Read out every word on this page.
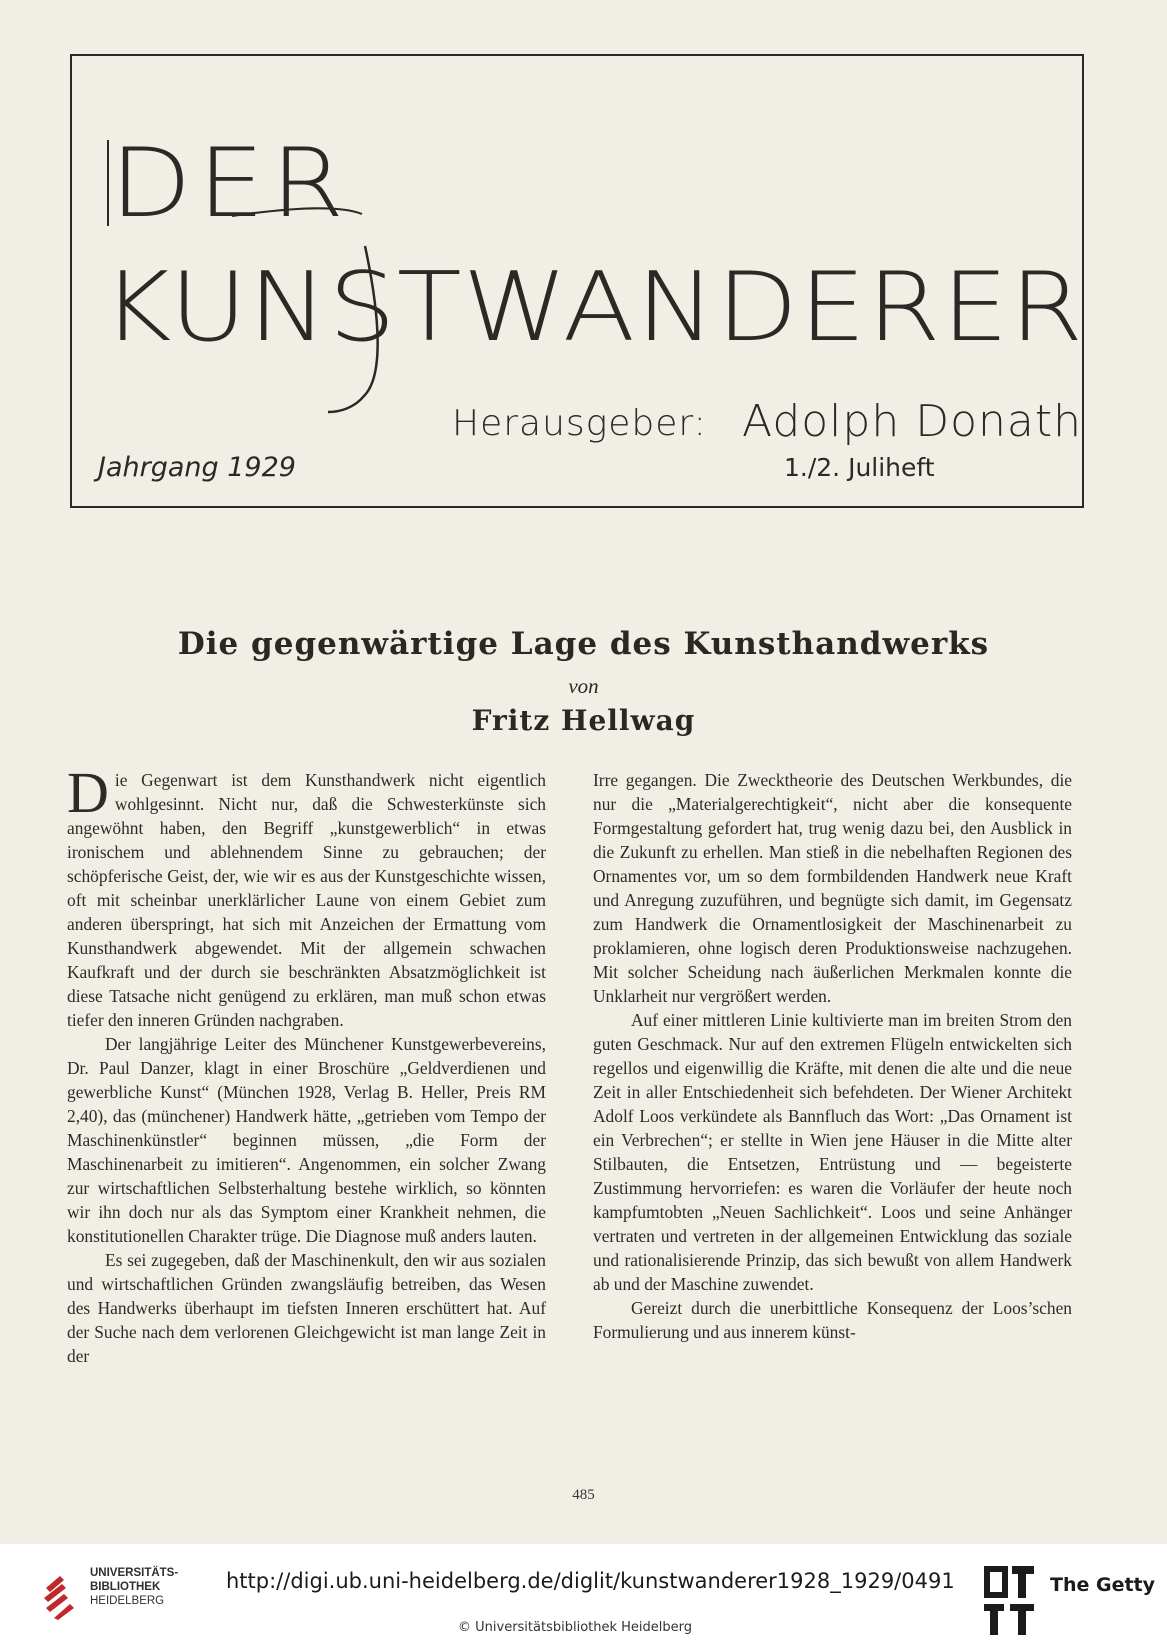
DER
KUNSTWANDERER
Herausgeber: Adolph Donath
Jahrgang 1929	1./2. Juliheft
Die gegenwärtige Lage des Kunsthandwerks
von
Fritz Hellwag

Die Gegenwart ist dem Kunsthandwerk nicht eigentlich wohlgesinnt. Nicht nur, daß die Schwesterkünste sich angewöhnt haben, den Begriff „kunstgewerblich“ in etwas ironischem und ablehnendem Sinne zu gebrauchen; der schöpferische Geist, der, wie wir es aus der Kunstgeschichte wissen, oft mit scheinbar unerklärlicher Laune von einem Gebiet zum anderen überspringt, hat sich mit Anzeichen der Ermattung vom Kunsthandwerk abgewendet. Mit der allgemein schwachen Kaufkraft und der durch sie beschränkten Absatzmöglichkeit ist diese Tatsache nicht genügend zu erklären, man muß schon etwas tiefer den inneren Gründen nachgraben.

Der langjährige Leiter des Münchener Kunstgewerbevereins, Dr. Paul Danzer, klagt in einer Broschüre „Geldverdienen und gewerbliche Kunst“ (München 1928, Verlag B. Heller, Preis RM 2,40), das (münchener) Handwerk hätte, „getrieben vom Tempo der Maschinenkünstler“ beginnen müssen, „die Form der Maschinenarbeit zu imitieren“. Angenommen, ein solcher Zwang zur wirtschaftlichen Selbsterhaltung bestehe wirklich, so könnten wir ihn doch nur als das Symptom einer Krankheit nehmen, die konstitutionellen Charakter trüge. Die Diagnose muß anders lauten.

Es sei zugegeben, daß der Maschinenkult, den wir aus sozialen und wirtschaftlichen Gründen zwangsläufig betreiben, das Wesen des Handwerks überhaupt im tiefsten Inneren erschüttert hat. Auf der Suche nach dem verlorenen Gleichgewicht ist man lange Zeit in der

Irre gegangen. Die Zwecktheorie des Deutschen Werkbundes, die nur die „Materialgerechtigkeit“, nicht aber die konsequente Formgestaltung gefordert hat, trug wenig dazu bei, den Ausblick in die Zukunft zu erhellen. Man stieß in die nebelhaften Regionen des Ornamentes vor, um so dem formbildenden Handwerk neue Kraft und Anregung zuzuführen, und begnügte sich damit, im Gegensatz zum Handwerk die Ornamentlosigkeit der Maschinenarbeit zu proklamieren, ohne logisch deren Produktionsweise nachzugehen. Mit solcher Scheidung nach äußerlichen Merkmalen konnte die Unklarheit nur vergrößert werden.

Auf einer mittleren Linie kultivierte man im breiten Strom den guten Geschmack. Nur auf den extremen Flügeln entwickelten sich regellos und eigenwillig die Kräfte, mit denen die alte und die neue Zeit in aller Entschiedenheit sich befehdeten. Der Wiener Architekt Adolf Loos verkündete als Bannfluch das Wort: „Das Ornament ist ein Verbrechen“; er stellte in Wien jene Häuser in die Mitte alter Stilbauten, die Entsetzen, Entrüstung und — begeisterte Zustimmung hervorriefen: es waren die Vorläufer der heute noch kampfumtobten „Neuen Sachlichkeit“. Loos und seine Anhänger vertraten und vertreten in der allgemeinen Entwicklung das soziale und rationalisierende Prinzip, das sich bewußt von allem Handwerk ab und der Maschine zuwendet.

Gereizt durch die unerbittliche Konsequenz der Loos’schen Formulierung und aus innerem künst-

485
UNIVERSITÄTS-
BIBLIOTHEK
HEIDELBERG
http://digi.ub.uni-heidelberg.de/diglit/kunstwanderer1928_1929/0491
© Universitätsbibliothek Heidelberg
The Getty
